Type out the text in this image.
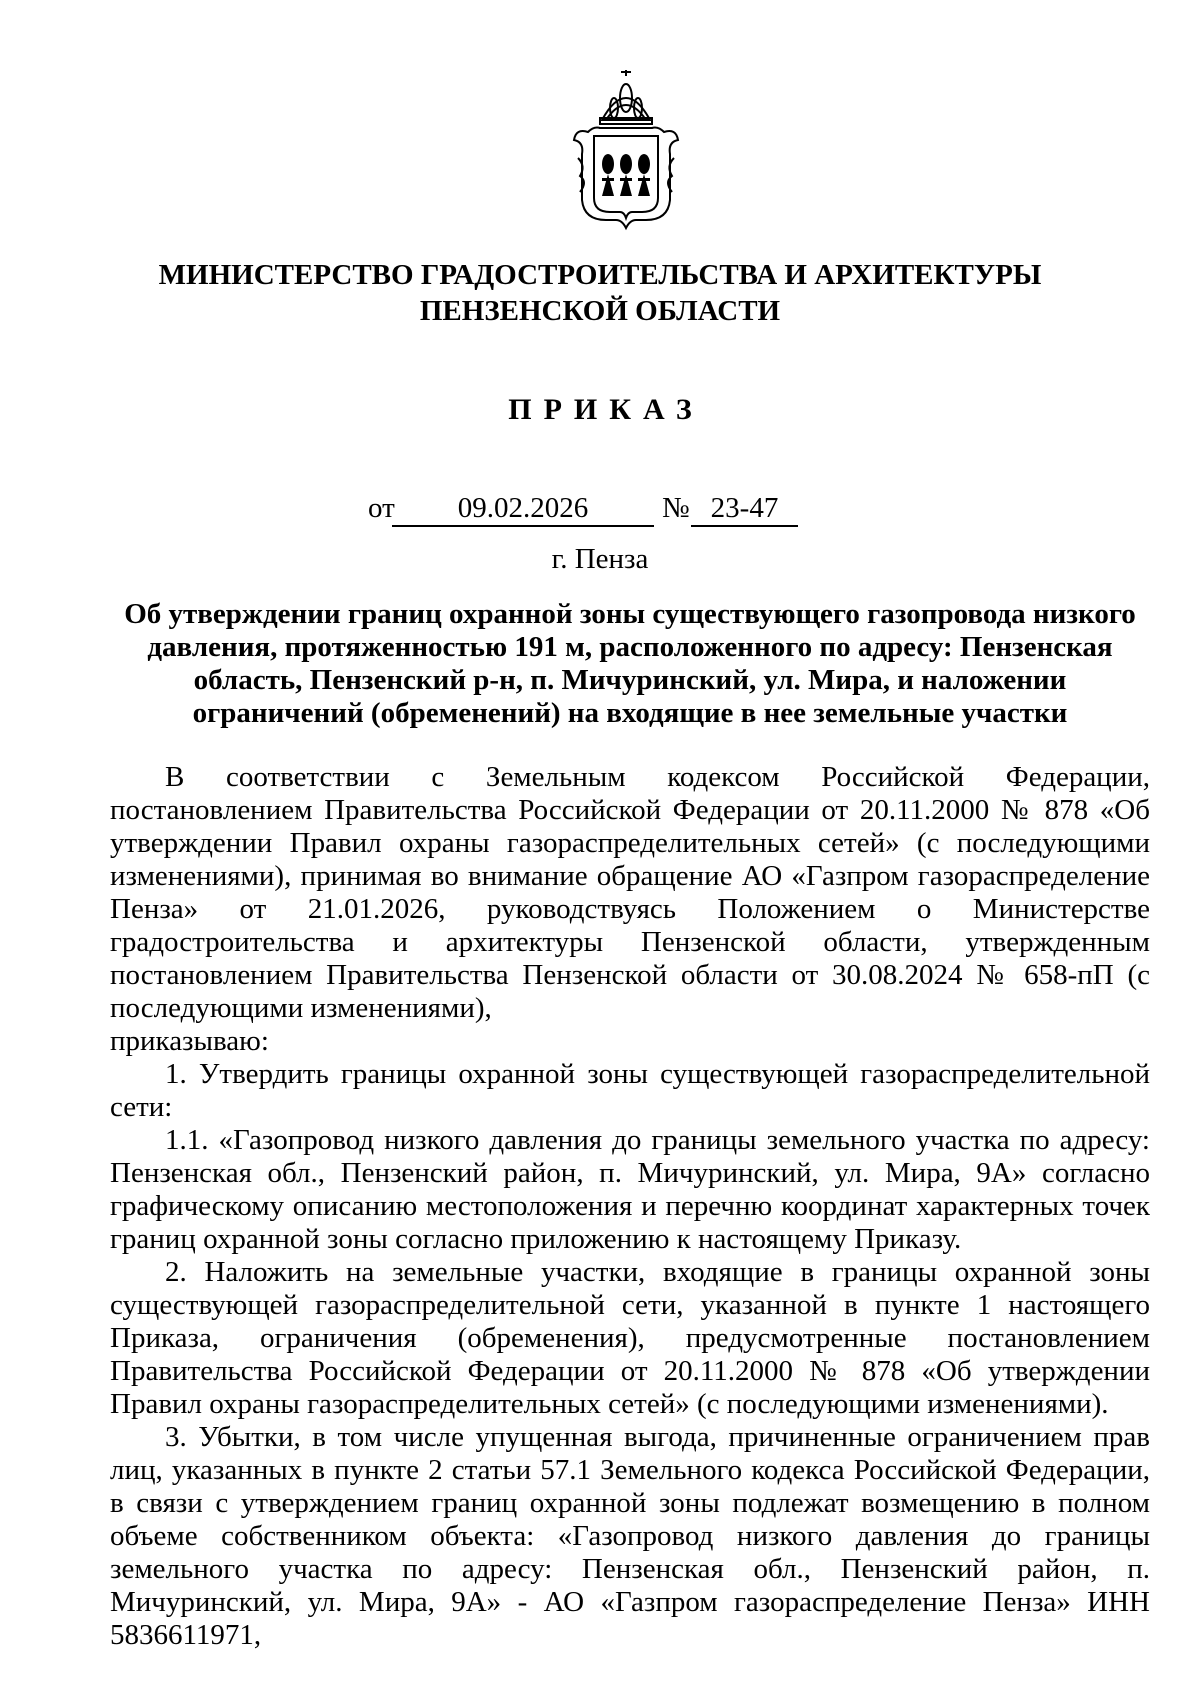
МИНИСТЕРСТВО ГРАДОСТРОИТЕЛЬСТВА И АРХИТЕКТУРЫ
ПЕНЗЕНСКОЙ ОБЛАСТИ
ПРИКАЗ
от	09.02.2026	№ 23-47
г. Пенза
Об утверждении границ охранной зоны существующего газопровода низкого давления, протяженностью 191 м, расположенного по адресу: Пензенская область, Пензенский р-н, п. Мичуринский, ул. Мира, и наложении ограничений (обременений) на входящие в нее земельные участки

В соответствии с Земельным кодексом Российской Федерации, постановлением Правительства Российской Федерации от 20.11.2000 № 878 «Об утверждении Правил охраны газораспределительных сетей» (с последующими изменениями), принимая во внимание обращение АО «Газпром газораспределение Пенза» от 21.01.2026, руководствуясь Положением о Министерстве градостроительства и архитектуры Пензенской области, утвержденным постановлением Правительства Пензенской области от 30.08.2024 № 658-пП (с последующими изменениями),

приказываю:

1. Утвердить границы охранной зоны существующей газораспределительной сети:

1.1. «Газопровод низкого давления до границы земельного участка по адресу: Пензенская обл., Пензенский район, п. Мичуринский, ул. Мира, 9А» согласно графическому описанию местоположения и перечню координат характерных точек границ охранной зоны согласно приложению к настоящему Приказу.

2. Наложить на земельные участки, входящие в границы охранной зоны существующей газораспределительной сети, указанной в пункте 1 настоящего Приказа, ограничения (обременения), предусмотренные постановлением Правительства Российской Федерации от 20.11.2000 № 878 «Об утверждении Правил охраны газораспределительных сетей» (с последующими изменениями).

3. Убытки, в том числе упущенная выгода, причиненные ограничением прав лиц, указанных в пункте 2 статьи 57.1 Земельного кодекса Российской Федерации, в связи с утверждением границ охранной зоны подлежат возмещению в полном объеме собственником объекта: «Газопровод низкого давления до границы земельного участка по адресу: Пензенская обл., Пензенский район, п. Мичуринский, ул. Мира, 9А» - АО «Газпром газораспределение Пенза» ИНН 5836611971,
